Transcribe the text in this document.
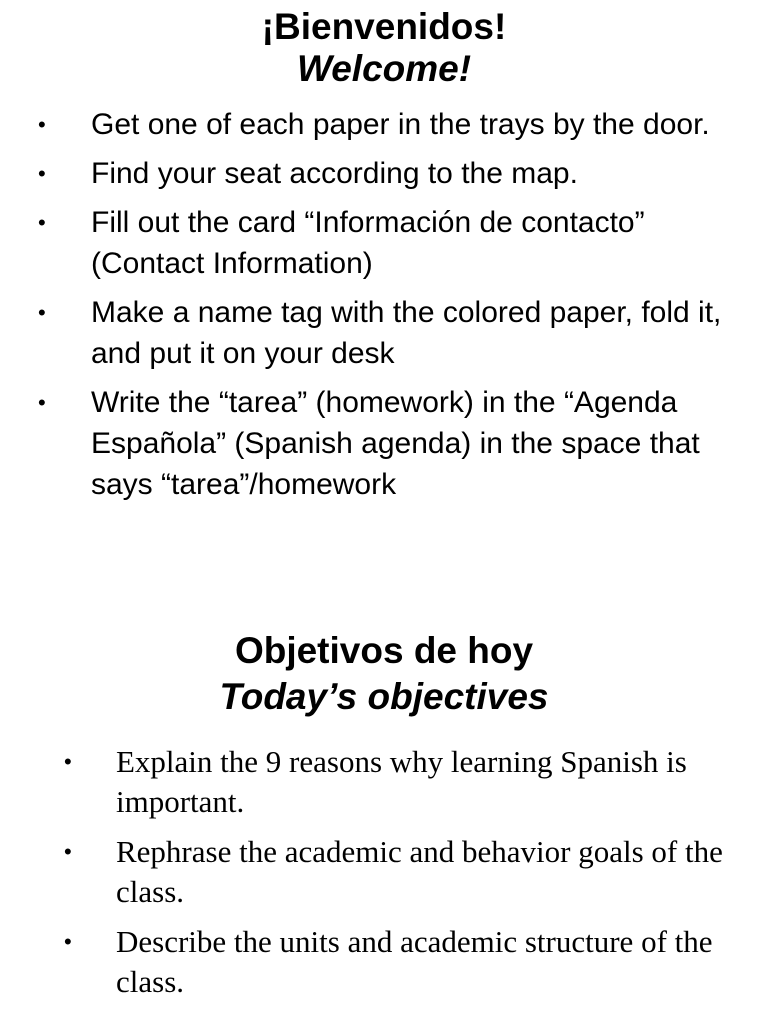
¡Bienvenidos!
Welcome!
• Get one of each paper in the trays by the door.
• Find your seat according to the map.
• Fill out the card “Información de contacto” (Contact Information)
• Make a name tag with the colored paper, fold it, and put it on your desk
• Write the “tarea” (homework) in the “Agenda Española” (Spanish agenda) in the space that says “tarea”/homework
Objetivos de hoy
Today’s objectives
• Explain the 9 reasons why learning Spanish is important.
• Rephrase the academic and behavior goals of the class.
• Describe the units and academic structure of the class.
